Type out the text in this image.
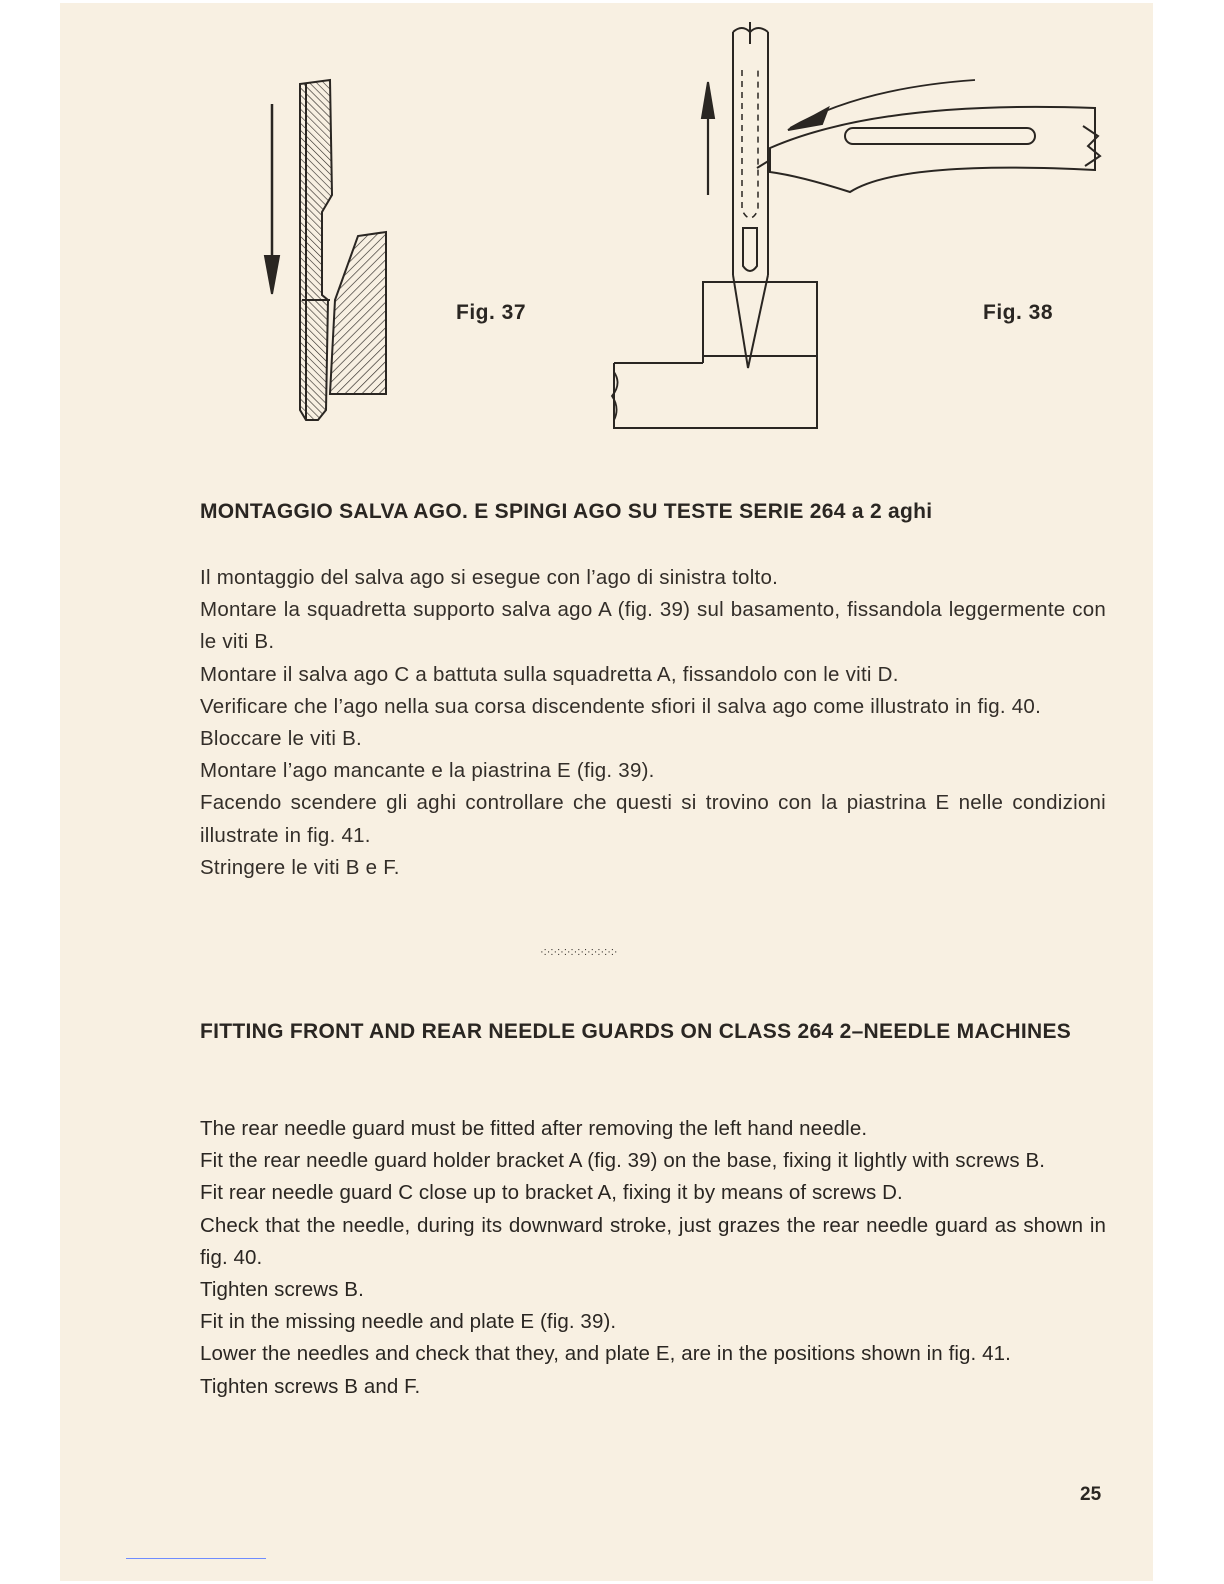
Fig. 37	Fig. 38
MONTAGGIO SALVA AGO. E SPINGI AGO SU TESTE SERIE 264 a 2 aghi

Il montaggio del salva ago si esegue con l’ago di sinistra tolto.

Montare la squadretta supporto salva ago A (fig. 39) sul basamento, fissandola leggermente con le viti B.

Montare il salva ago C a battuta sulla squadretta A, fissandolo con le viti D.

Verificare che l’ago nella sua corsa discendente sfiori il salva ago come illustrato in fig. 40.

Bloccare le viti B.

Montare l’ago mancante e la piastrina E (fig. 39).

Facendo scendere gli aghi controllare che questi si trovino con la piastrina E nelle condizioni illustrate in fig. 41.

Stringere le viti B e F.

·:·:·:·:·:·:·:·:·:·:·:·
FITTING FRONT AND REAR NEEDLE GUARDS ON CLASS 264 2–NEEDLE MACHINES

The rear needle guard must be fitted after removing the left hand needle.

Fit the rear needle guard holder bracket A (fig. 39) on the base, fixing it lightly with screws B.

Fit rear needle guard C close up to bracket A, fixing it by means of screws D.

Check that the needle, during its downward stroke, just grazes the rear needle guard as shown in fig. 40.

Tighten screws B.

Fit in the missing needle and plate E (fig. 39).

Lower the needles and check that they, and plate E, are in the positions shown in fig. 41.

Tighten screws B and F.

25
